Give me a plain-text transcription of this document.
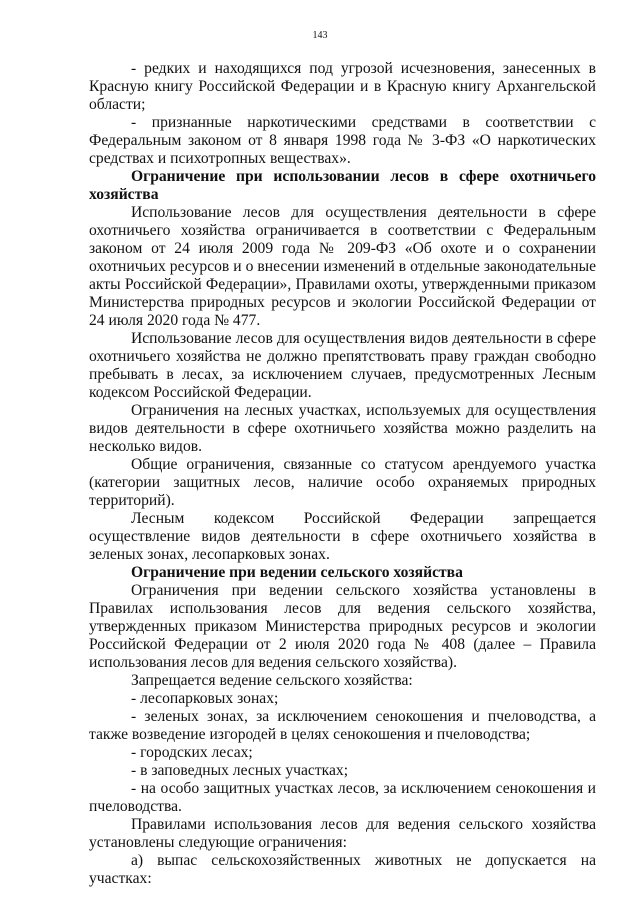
143

- редких и находящихся под угрозой исчезновения, занесенных в Красную книгу Российской Федерации и в Красную книгу Архангельской области;

- признанные наркотическими средствами в соответствии с Федеральным законом от 8 января 1998 года № 3-ФЗ «О наркотических средствах и психотропных веществах».

Ограничение при использовании лесов в сфере охотничьего хозяйства

Использование лесов для осуществления деятельности в сфере охотничьего хозяйства ограничивается в соответствии с Федеральным законом от 24 июля 2009 года № 209-ФЗ «Об охоте и о сохранении охотничьих ресурсов и о внесении изменений в отдельные законодательные акты Российской Федерации», Правилами охоты, утвержденными приказом Министерства природных ресурсов и экологии Российской Федерации от 24 июля 2020 года № 477.

Использование лесов для осуществления видов деятельности в сфере охотничьего хозяйства не должно препятствовать праву граждан свободно пребывать в лесах, за исключением случаев, предусмотренных Лесным кодексом Российской Федерации.

Ограничения на лесных участках, используемых для осуществления видов деятельности в сфере охотничьего хозяйства можно разделить на несколько видов.

Общие ограничения, связанные со статусом арендуемого участка (категории защитных лесов, наличие особо охраняемых природных территорий).

Лесным кодексом Российской Федерации запрещается осуществление видов деятельности в сфере охотничьего хозяйства в зеленых зонах, лесопарковых зонах.

Ограничение при ведении сельского хозяйства

Ограничения при ведении сельского хозяйства установлены в Правилах использования лесов для ведения сельского хозяйства, утвержденных приказом Министерства природных ресурсов и экологии Российской Федерации от 2 июля 2020 года № 408 (далее – Правила использования лесов для ведения сельского хозяйства).

Запрещается ведение сельского хозяйства:

- лесопарковых зонах;

- зеленых зонах, за исключением сенокошения и пчеловодства, а также возведение изгородей в целях сенокошения и пчеловодства;

- городских лесах;

- в заповедных лесных участках;

- на особо защитных участках лесов, за исключением сенокошения и пчеловодства.

Правилами использования лесов для ведения сельского хозяйства установлены следующие ограничения:

а) выпас сельскохозяйственных животных не допускается на участках:
